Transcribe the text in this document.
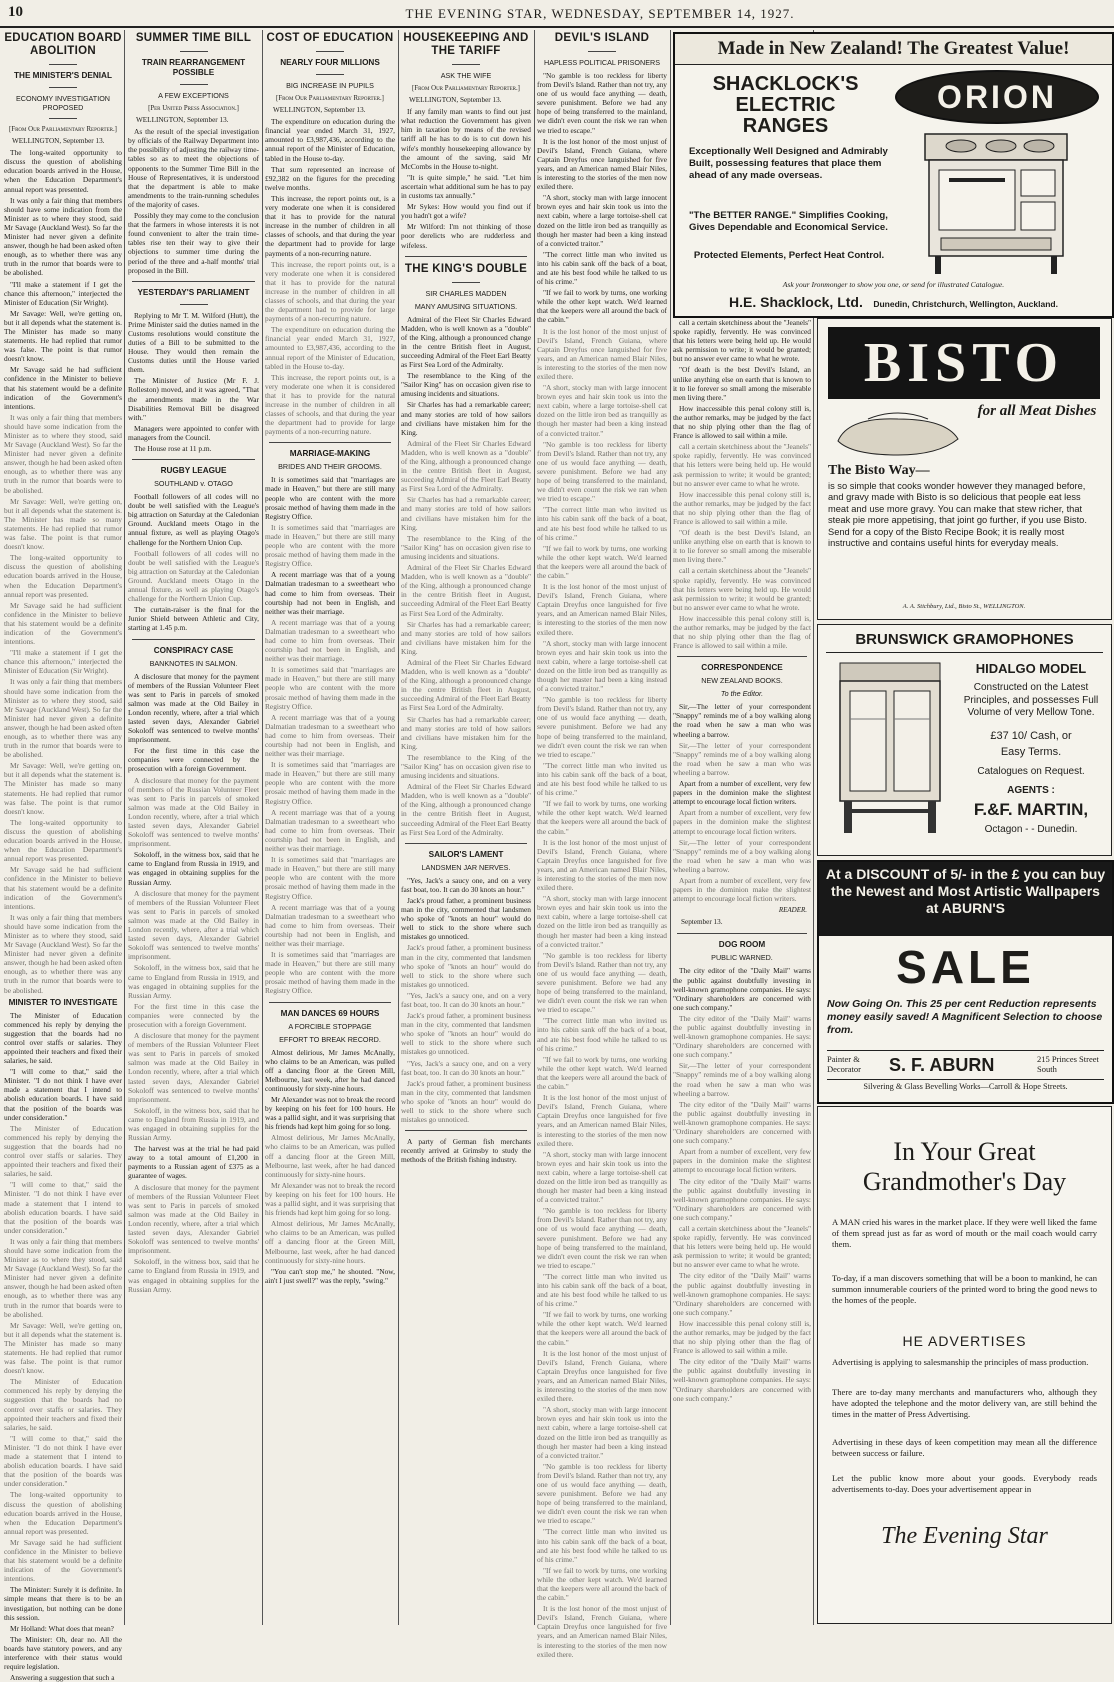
10	THE EVENING STAR, WEDNESDAY, SEPTEMBER 14, 1927.
EDUCATION BOARD ABOLITION
THE MINISTER'S DENIAL
ECONOMY INVESTIGATION PROPOSED
[From Our Parliamentary Reporter.]
WELLINGTON, September 13.

The long-waited opportunity to discuss the question of abolishing education boards arrived in the House, when the Education Department's annual report was presented.

It was only a fair thing that members should have some indication from the Minister as to where they stood, said Mr Savage (Auckland West). So far the Minister had never given a definite answer, though he had been asked often enough, as to whether there was any truth in the rumor that boards were to be abolished.

"I'll make a statement if I get the chance this afternoon," interjected the Minister of Education (Sir Wright).

Mr Savage: Well, we're getting on, but it all depends what the statement is. The Minister has made so many statements. He had replied that rumor was false. The point is that rumor doesn't know.

Mr Savage said he had sufficient confidence in the Minister to believe that his statement would be a definite indication of the Government's intentions.

It was only a fair thing that members should have some indication from the Minister as to where they stood, said Mr Savage (Auckland West). So far the Minister had never given a definite answer, though he had been asked often enough, as to whether there was any truth in the rumor that boards were to be abolished.

Mr Savage: Well, we're getting on, but it all depends what the statement is. The Minister has made so many statements. He had replied that rumor was false. The point is that rumor doesn't know.

The long-waited opportunity to discuss the question of abolishing education boards arrived in the House, when the Education Department's annual report was presented.

Mr Savage said he had sufficient confidence in the Minister to believe that his statement would be a definite indication of the Government's intentions.

"I'll make a statement if I get the chance this afternoon," interjected the Minister of Education (Sir Wright).

It was only a fair thing that members should have some indication from the Minister as to where they stood, said Mr Savage (Auckland West). So far the Minister had never given a definite answer, though he had been asked often enough, as to whether there was any truth in the rumor that boards were to be abolished.

Mr Savage: Well, we're getting on, but it all depends what the statement is. The Minister has made so many statements. He had replied that rumor was false. The point is that rumor doesn't know.

The long-waited opportunity to discuss the question of abolishing education boards arrived in the House, when the Education Department's annual report was presented.

Mr Savage said he had sufficient confidence in the Minister to believe that his statement would be a definite indication of the Government's intentions.

It was only a fair thing that members should have some indication from the Minister as to where they stood, said Mr Savage (Auckland West). So far the Minister had never given a definite answer, though he had been asked often enough, as to whether there was any truth in the rumor that boards were to be abolished.

MINISTER TO INVESTIGATE

The Minister of Education commenced his reply by denying the suggestion that the boards had no control over staffs or salaries. They appointed their teachers and fixed their salaries, he said.

"I will come to that," said the Minister. "I do not think I have ever made a statement that I intend to abolish education boards. I have said that the position of the boards was under consideration."

The Minister of Education commenced his reply by denying the suggestion that the boards had no control over staffs or salaries. They appointed their teachers and fixed their salaries, he said.

"I will come to that," said the Minister. "I do not think I have ever made a statement that I intend to abolish education boards. I have said that the position of the boards was under consideration."

It was only a fair thing that members should have some indication from the Minister as to where they stood, said Mr Savage (Auckland West). So far the Minister had never given a definite answer, though he had been asked often enough, as to whether there was any truth in the rumor that boards were to be abolished.

Mr Savage: Well, we're getting on, but it all depends what the statement is. The Minister has made so many statements. He had replied that rumor was false. The point is that rumor doesn't know.

The Minister of Education commenced his reply by denying the suggestion that the boards had no control over staffs or salaries. They appointed their teachers and fixed their salaries, he said.

"I will come to that," said the Minister. "I do not think I have ever made a statement that I intend to abolish education boards. I have said that the position of the boards was under consideration."

The long-waited opportunity to discuss the question of abolishing education boards arrived in the House, when the Education Department's annual report was presented.

Mr Savage said he had sufficient confidence in the Minister to believe that his statement would be a definite indication of the Government's intentions.

The Minister: Surely it is definite. In simple means that there is to be an investigation, but nothing can be done this session.

Mr Holland: What does that mean?

The Minister: Oh, dear no. All the boards have statutory powers, and any interference with their status would require legislation.

Answering a suggestion that such a

SUMMER TIME BILL
TRAIN REARRANGEMENT POSSIBLE
A FEW EXCEPTIONS
[Per United Press Association.]
WELLINGTON, September 13.

As the result of the special investigation by officials of the Railway Department into the possibility of adjusting the railway time-tables so as to meet the objections of opponents to the Summer Time Bill in the House of Representatives, it is understood that the department is able to make amendments to the train-running schedules of the majority of cases.

Possibly they may come to the conclusion that the farmers in whose interests it is not found convenient to alter the train time-tables rise ten their way to give their objections to summer time during the period of the three and a-half months' trial proposed in the Bill.

YESTERDAY'S PARLIAMENT

Replying to Mr T. M. Wilford (Hutt), the Prime Minister said the duties named in the Customs resolutions would constitute the duties of a Bill to be submitted to the House. They would then remain the Customs duties until the House varied them.

The Minister of Justice (Mr F. J. Rolleston) moved, and it was agreed, "That the amendments made in the War Disabilities Removal Bill be disagreed with."

Managers were appointed to confer with managers from the Council.

The House rose at 11 p.m.

RUGBY LEAGUE
SOUTHLAND v. OTAGO

Football followers of all codes will no doubt be well satisfied with the League's big attraction on Saturday at the Caledonian Ground. Auckland meets Otago in the annual fixture, as well as playing Otago's challenge for the Northern Union Cup.

Football followers of all codes will no doubt be well satisfied with the League's big attraction on Saturday at the Caledonian Ground. Auckland meets Otago in the annual fixture, as well as playing Otago's challenge for the Northern Union Cup.

The curtain-raiser is the final for the Junior Shield between Athletic and City, starting at 1.45 p.m.

CONSPIRACY CASE
BANKNOTES IN SALMON.

A disclosure that money for the payment of members of the Russian Volunteer Fleet was sent to Paris in parcels of smoked salmon was made at the Old Bailey in London recently, where, after a trial which lasted seven days, Alexander Gabriel Sokoloff was sentenced to twelve months' imprisonment.

For the first time in this case the companies were connected by the prosecution with a foreign Government.

A disclosure that money for the payment of members of the Russian Volunteer Fleet was sent to Paris in parcels of smoked salmon was made at the Old Bailey in London recently, where, after a trial which lasted seven days, Alexander Gabriel Sokoloff was sentenced to twelve months' imprisonment.

Sokoloff, in the witness box, said that he came to England from Russia in 1919, and was engaged in obtaining supplies for the Russian Army.

A disclosure that money for the payment of members of the Russian Volunteer Fleet was sent to Paris in parcels of smoked salmon was made at the Old Bailey in London recently, where, after a trial which lasted seven days, Alexander Gabriel Sokoloff was sentenced to twelve months' imprisonment.

Sokoloff, in the witness box, said that he came to England from Russia in 1919, and was engaged in obtaining supplies for the Russian Army.

For the first time in this case the companies were connected by the prosecution with a foreign Government.

A disclosure that money for the payment of members of the Russian Volunteer Fleet was sent to Paris in parcels of smoked salmon was made at the Old Bailey in London recently, where, after a trial which lasted seven days, Alexander Gabriel Sokoloff was sentenced to twelve months' imprisonment.

Sokoloff, in the witness box, said that he came to England from Russia in 1919, and was engaged in obtaining supplies for the Russian Army.

The harvest was at the trial he had paid away to a total amount of £1,200 in payments to a Russian agent of £375 as a guarantee of wages.

A disclosure that money for the payment of members of the Russian Volunteer Fleet was sent to Paris in parcels of smoked salmon was made at the Old Bailey in London recently, where, after a trial which lasted seven days, Alexander Gabriel Sokoloff was sentenced to twelve months' imprisonment.

Sokoloff, in the witness box, said that he came to England from Russia in 1919, and was engaged in obtaining supplies for the Russian Army.

COST OF EDUCATION
NEARLY FOUR MILLIONS
BIG INCREASE IN PUPILS
[From Our Parliamentary Reporter.]
WELLINGTON, September 13.

The expenditure on education during the financial year ended March 31, 1927, amounted to £3,987,436, according to the annual report of the Minister of Education, tabled in the House to-day.

That sum represented an increase of £92,382 on the figures for the preceding twelve months.

This increase, the report points out, is a very moderate one when it is considered that it has to provide for the natural increase in the number of children in all classes of schools, and that during the year the department had to provide for large payments of a non-recurring nature.

This increase, the report points out, is a very moderate one when it is considered that it has to provide for the natural increase in the number of children in all classes of schools, and that during the year the department had to provide for large payments of a non-recurring nature.

The expenditure on education during the financial year ended March 31, 1927, amounted to £3,987,436, according to the annual report of the Minister of Education, tabled in the House to-day.

This increase, the report points out, is a very moderate one when it is considered that it has to provide for the natural increase in the number of children in all classes of schools, and that during the year the department had to provide for large payments of a non-recurring nature.

MARRIAGE-MAKING
BRIDES AND THEIR GROOMS.

It is sometimes said that "marriages are made in Heaven," but there are still many people who are content with the more prosaic method of having them made in the Registry Office.

It is sometimes said that "marriages are made in Heaven," but there are still many people who are content with the more prosaic method of having them made in the Registry Office.

A recent marriage was that of a young Dalmatian tradesman to a sweetheart who had come to him from overseas. Their courtship had not been in English, and neither was their marriage.

A recent marriage was that of a young Dalmatian tradesman to a sweetheart who had come to him from overseas. Their courtship had not been in English, and neither was their marriage.

It is sometimes said that "marriages are made in Heaven," but there are still many people who are content with the more prosaic method of having them made in the Registry Office.

A recent marriage was that of a young Dalmatian tradesman to a sweetheart who had come to him from overseas. Their courtship had not been in English, and neither was their marriage.

It is sometimes said that "marriages are made in Heaven," but there are still many people who are content with the more prosaic method of having them made in the Registry Office.

A recent marriage was that of a young Dalmatian tradesman to a sweetheart who had come to him from overseas. Their courtship had not been in English, and neither was their marriage.

It is sometimes said that "marriages are made in Heaven," but there are still many people who are content with the more prosaic method of having them made in the Registry Office.

A recent marriage was that of a young Dalmatian tradesman to a sweetheart who had come to him from overseas. Their courtship had not been in English, and neither was their marriage.

It is sometimes said that "marriages are made in Heaven," but there are still many people who are content with the more prosaic method of having them made in the Registry Office.

MAN DANCES 69 HOURS
A FORCIBLE STOPPAGE
EFFORT TO BREAK RECORD.

Almost delirious, Mr James McAnally, who claims to be an American, was pulled off a dancing floor at the Green Mill, Melbourne, last week, after he had danced continuously for sixty-nine hours.

Mr Alexander was not to break the record by keeping on his feet for 100 hours. He was a pallid sight, and it was surprising that his friends had kept him going for so long.

Almost delirious, Mr James McAnally, who claims to be an American, was pulled off a dancing floor at the Green Mill, Melbourne, last week, after he had danced continuously for sixty-nine hours.

Mr Alexander was not to break the record by keeping on his feet for 100 hours. He was a pallid sight, and it was surprising that his friends had kept him going for so long.

Almost delirious, Mr James McAnally, who claims to be an American, was pulled off a dancing floor at the Green Mill, Melbourne, last week, after he had danced continuously for sixty-nine hours.

"You can't stop me," he shouted. "Now, ain't I just swell?" was the reply, "swing."

HOUSEKEEPING AND THE TARIFF
ASK THE WIFE
[From Our Parliamentary Reporter.]
WELLINGTON, September 13.

If any family man wants to find out just what reduction the Government has given him in taxation by means of the revised tariff all he has to do is to cut down his wife's monthly housekeeping allowance by the amount of the saving, said Mr McCombs in the House to-night.

"It is quite simple," he said. "Let him ascertain what additional sum he has to pay in customs tax annually."

Mr Sykes: How would you find out if you hadn't got a wife?

Mr Wilford: I'm not thinking of those poor derelicts who are rudderless and wifeless.

THE KING'S DOUBLE
SIR CHARLES MADDEN
MANY AMUSING SITUATIONS.

Admiral of the Fleet Sir Charles Edward Madden, who is well known as a "double" of the King, although a pronounced change in the centre British fleet in August, succeeding Admiral of the Fleet Earl Beatty as First Sea Lord of the Admiralty.

The resemblance to the King of the "Sailor King" has on occasion given rise to amusing incidents and situations.

Sir Charles has had a remarkable career; and many stories are told of how sailors and civilians have mistaken him for the King.

Admiral of the Fleet Sir Charles Edward Madden, who is well known as a "double" of the King, although a pronounced change in the centre British fleet in August, succeeding Admiral of the Fleet Earl Beatty as First Sea Lord of the Admiralty.

Sir Charles has had a remarkable career; and many stories are told of how sailors and civilians have mistaken him for the King.

The resemblance to the King of the "Sailor King" has on occasion given rise to amusing incidents and situations.

Admiral of the Fleet Sir Charles Edward Madden, who is well known as a "double" of the King, although a pronounced change in the centre British fleet in August, succeeding Admiral of the Fleet Earl Beatty as First Sea Lord of the Admiralty.

Sir Charles has had a remarkable career; and many stories are told of how sailors and civilians have mistaken him for the King.

Admiral of the Fleet Sir Charles Edward Madden, who is well known as a "double" of the King, although a pronounced change in the centre British fleet in August, succeeding Admiral of the Fleet Earl Beatty as First Sea Lord of the Admiralty.

Sir Charles has had a remarkable career; and many stories are told of how sailors and civilians have mistaken him for the King.

The resemblance to the King of the "Sailor King" has on occasion given rise to amusing incidents and situations.

Admiral of the Fleet Sir Charles Edward Madden, who is well known as a "double" of the King, although a pronounced change in the centre British fleet in August, succeeding Admiral of the Fleet Earl Beatty as First Sea Lord of the Admiralty.

SAILOR'S LAMENT
LANDSMEN JAR NERVES.

"Yes, Jack's a saucy one, and on a very fast boat, too. It can do 30 knots an hour."

Jack's proud father, a prominent business man in the city, commented that landsmen who spoke of "knots an hour" would do well to stick to the shore where such mistakes go unnoticed.

Jack's proud father, a prominent business man in the city, commented that landsmen who spoke of "knots an hour" would do well to stick to the shore where such mistakes go unnoticed.

"Yes, Jack's a saucy one, and on a very fast boat, too. It can do 30 knots an hour."

Jack's proud father, a prominent business man in the city, commented that landsmen who spoke of "knots an hour" would do well to stick to the shore where such mistakes go unnoticed.

"Yes, Jack's a saucy one, and on a very fast boat, too. It can do 30 knots an hour."

Jack's proud father, a prominent business man in the city, commented that landsmen who spoke of "knots an hour" would do well to stick to the shore where such mistakes go unnoticed.

A party of German fish merchants recently arrived at Grimsby to study the methods of the British fishing industry.

DEVIL'S ISLAND
HAPLESS POLITICAL PRISONERS

"No gamble is too reckless for liberty from Devil's Island. Rather than not try, any one of us would face anything — death, severe punishment. Before we had any hope of being transferred to the mainland, we didn't even count the risk we ran when we tried to escape."

It is the lost honor of the most unjust of Devil's Island, French Guiana, where Captain Dreyfus once languished for five years, and an American named Blair Niles, is interesting to the stories of the men now exiled there.

"A short, stocky man with large innocent brown eyes and hair skin took us into the next cabin, where a large tortoise-shell cat dozed on the little iron bed as tranquilly as though her master had been a king instead of a convicted traitor."

"The correct little man who invited us into his cabin sank off the back of a boat, and ate his best food while he talked to us of his crime."

"If we fail to work by turns, one working while the other kept watch. We'd learned that the keepers were all around the back of the cabin."

It is the lost honor of the most unjust of Devil's Island, French Guiana, where Captain Dreyfus once languished for five years, and an American named Blair Niles, is interesting to the stories of the men now exiled there.

"A short, stocky man with large innocent brown eyes and hair skin took us into the next cabin, where a large tortoise-shell cat dozed on the little iron bed as tranquilly as though her master had been a king instead of a convicted traitor."

"No gamble is too reckless for liberty from Devil's Island. Rather than not try, any one of us would face anything — death, severe punishment. Before we had any hope of being transferred to the mainland, we didn't even count the risk we ran when we tried to escape."

"The correct little man who invited us into his cabin sank off the back of a boat, and ate his best food while he talked to us of his crime."

"If we fail to work by turns, one working while the other kept watch. We'd learned that the keepers were all around the back of the cabin."

It is the lost honor of the most unjust of Devil's Island, French Guiana, where Captain Dreyfus once languished for five years, and an American named Blair Niles, is interesting to the stories of the men now exiled there.

"A short, stocky man with large innocent brown eyes and hair skin took us into the next cabin, where a large tortoise-shell cat dozed on the little iron bed as tranquilly as though her master had been a king instead of a convicted traitor."

"No gamble is too reckless for liberty from Devil's Island. Rather than not try, any one of us would face anything — death, severe punishment. Before we had any hope of being transferred to the mainland, we didn't even count the risk we ran when we tried to escape."

"The correct little man who invited us into his cabin sank off the back of a boat, and ate his best food while he talked to us of his crime."

"If we fail to work by turns, one working while the other kept watch. We'd learned that the keepers were all around the back of the cabin."

It is the lost honor of the most unjust of Devil's Island, French Guiana, where Captain Dreyfus once languished for five years, and an American named Blair Niles, is interesting to the stories of the men now exiled there.

"A short, stocky man with large innocent brown eyes and hair skin took us into the next cabin, where a large tortoise-shell cat dozed on the little iron bed as tranquilly as though her master had been a king instead of a convicted traitor."

"No gamble is too reckless for liberty from Devil's Island. Rather than not try, any one of us would face anything — death, severe punishment. Before we had any hope of being transferred to the mainland, we didn't even count the risk we ran when we tried to escape."

"The correct little man who invited us into his cabin sank off the back of a boat, and ate his best food while he talked to us of his crime."

"If we fail to work by turns, one working while the other kept watch. We'd learned that the keepers were all around the back of the cabin."

It is the lost honor of the most unjust of Devil's Island, French Guiana, where Captain Dreyfus once languished for five years, and an American named Blair Niles, is interesting to the stories of the men now exiled there.

"A short, stocky man with large innocent brown eyes and hair skin took us into the next cabin, where a large tortoise-shell cat dozed on the little iron bed as tranquilly as though her master had been a king instead of a convicted traitor."

"No gamble is too reckless for liberty from Devil's Island. Rather than not try, any one of us would face anything — death, severe punishment. Before we had any hope of being transferred to the mainland, we didn't even count the risk we ran when we tried to escape."

"The correct little man who invited us into his cabin sank off the back of a boat, and ate his best food while he talked to us of his crime."

"If we fail to work by turns, one working while the other kept watch. We'd learned that the keepers were all around the back of the cabin."

It is the lost honor of the most unjust of Devil's Island, French Guiana, where Captain Dreyfus once languished for five years, and an American named Blair Niles, is interesting to the stories of the men now exiled there.

"A short, stocky man with large innocent brown eyes and hair skin took us into the next cabin, where a large tortoise-shell cat dozed on the little iron bed as tranquilly as though her master had been a king instead of a convicted traitor."

"No gamble is too reckless for liberty from Devil's Island. Rather than not try, any one of us would face anything — death, severe punishment. Before we had any hope of being transferred to the mainland, we didn't even count the risk we ran when we tried to escape."

"The correct little man who invited us into his cabin sank off the back of a boat, and ate his best food while he talked to us of his crime."

"If we fail to work by turns, one working while the other kept watch. We'd learned that the keepers were all around the back of the cabin."

It is the lost honor of the most unjust of Devil's Island, French Guiana, where Captain Dreyfus once languished for five years, and an American named Blair Niles, is interesting to the stories of the men now exiled there.

call a certain sketchiness about the "Jeanels" spoke rapidly, fervently. He was convinced that his letters were being held up. He would ask permission to write; it would be granted; but no answer ever came to what he wrote.

"Of death is the best Devil's Island, an unlike anything else on earth that is known to it to lie forever so small among the miserable men living there."

How inaccessible this penal colony still is, the author remarks, may be judged by the fact that no ship plying other than the flag of France is allowed to sail within a mile.

call a certain sketchiness about the "Jeanels" spoke rapidly, fervently. He was convinced that his letters were being held up. He would ask permission to write; it would be granted; but no answer ever came to what he wrote.

How inaccessible this penal colony still is, the author remarks, may be judged by the fact that no ship plying other than the flag of France is allowed to sail within a mile.

"Of death is the best Devil's Island, an unlike anything else on earth that is known to it to lie forever so small among the miserable men living there."

call a certain sketchiness about the "Jeanels" spoke rapidly, fervently. He was convinced that his letters were being held up. He would ask permission to write; it would be granted; but no answer ever came to what he wrote.

How inaccessible this penal colony still is, the author remarks, may be judged by the fact that no ship plying other than the flag of France is allowed to sail within a mile.

CORRESPONDENCE
NEW ZEALAND BOOKS.
To the Editor.

Sir,—The letter of your correspondent "Snappy" reminds me of a boy walking along the road when he saw a man who was wheeling a barrow.

Sir,—The letter of your correspondent "Snappy" reminds me of a boy walking along the road when he saw a man who was wheeling a barrow.

Apart from a number of excellent, very few papers in the dominion make the slightest attempt to encourage local fiction writers.

Apart from a number of excellent, very few papers in the dominion make the slightest attempt to encourage local fiction writers.

Sir,—The letter of your correspondent "Snappy" reminds me of a boy walking along the road when he saw a man who was wheeling a barrow.

Apart from a number of excellent, very few papers in the dominion make the slightest attempt to encourage local fiction writers.

READER.
September 13.
DOG ROOM
PUBLIC WARNED.

The city editor of the "Daily Mail" warns the public against doubtfully investing in well-known gramophone companies. He says: "Ordinary shareholders are concerned with one such company."

The city editor of the "Daily Mail" warns the public against doubtfully investing in well-known gramophone companies. He says: "Ordinary shareholders are concerned with one such company."

Sir,—The letter of your correspondent "Snappy" reminds me of a boy walking along the road when he saw a man who was wheeling a barrow.

The city editor of the "Daily Mail" warns the public against doubtfully investing in well-known gramophone companies. He says: "Ordinary shareholders are concerned with one such company."

Apart from a number of excellent, very few papers in the dominion make the slightest attempt to encourage local fiction writers.

The city editor of the "Daily Mail" warns the public against doubtfully investing in well-known gramophone companies. He says: "Ordinary shareholders are concerned with one such company."

call a certain sketchiness about the "Jeanels" spoke rapidly, fervently. He was convinced that his letters were being held up. He would ask permission to write; it would be granted; but no answer ever came to what he wrote.

The city editor of the "Daily Mail" warns the public against doubtfully investing in well-known gramophone companies. He says: "Ordinary shareholders are concerned with one such company."

How inaccessible this penal colony still is, the author remarks, may be judged by the fact that no ship plying other than the flag of France is allowed to sail within a mile.

The city editor of the "Daily Mail" warns the public against doubtfully investing in well-known gramophone companies. He says: "Ordinary shareholders are concerned with one such company."

Made in New Zealand! The Greatest Value!
SHACKLOCK'S
ELECTRIC
RANGES
ORION
Exceptionally Well Designed and Admirably Built, possessing features that place them ahead of any made overseas.
"The BETTER RANGE." Simplifies Cooking, Gives Dependable and Economical Service.
Protected Elements, Perfect Heat Control.
Ask your Ironmonger to show you one, or send for illustrated Catalogue.
H.E. Shacklock, Ltd. Dunedin, Christchurch, Wellington, Auckland.
BISTO
for all Meat Dishes
The Bisto Way—
is so simple that cooks wonder however they managed before, and gravy made with Bisto is so delicious that people eat less meat and use more gravy. You can make that stew richer, that steak pie more appetising, that joint go further, if you use Bisto. Send for a copy of the Bisto Recipe Book; it is really most instructive and contains useful hints for everyday meals.
A. A. Stichbury, Ltd., Bisto St., WELLINGTON.
BRUNSWICK GRAMOPHONES
HIDALGO MODEL
Constructed on the Latest Principles, and possesses Full Volume of very Mellow Tone.
£37 10/ Cash, or
Easy Terms.
Catalogues on Request.
AGENTS :
F.&F. MARTIN,
Octagon - - Dunedin.
At a DISCOUNT of 5/- in the £ you can buy the Newest and Most Artistic Wallpapers at ABURN'S
SALE
Now Going On. This 25 per cent Reduction represents money easily saved! A Magnificent Selection to choose from.
Painter & Decorator	S. F. ABURN	215 Princes Street South
Silvering & Glass Bevelling Works—Carroll & Hope Streets.
In Your Great Grandmother's Day
A MAN cried his wares in the market place. If they were well liked the fame of them spread just as far as word of mouth or the mail coach would carry them.
To-day, if a man discovers something that will be a boon to mankind, he can summon innumerable couriers of the printed word to bring the good news to the homes of the people.
HE ADVERTISES
Advertising is applying to salesmanship the principles of mass production.
There are to-day many merchants and manufacturers who, although they have adopted the telephone and the motor delivery van, are still behind the times in the matter of Press Advertising.
Advertising in these days of keen competition may mean all the difference between success or failure.
Let the public know more about your goods. Everybody reads advertisements to-day. Does your advertisement appear in
The Evening Star
